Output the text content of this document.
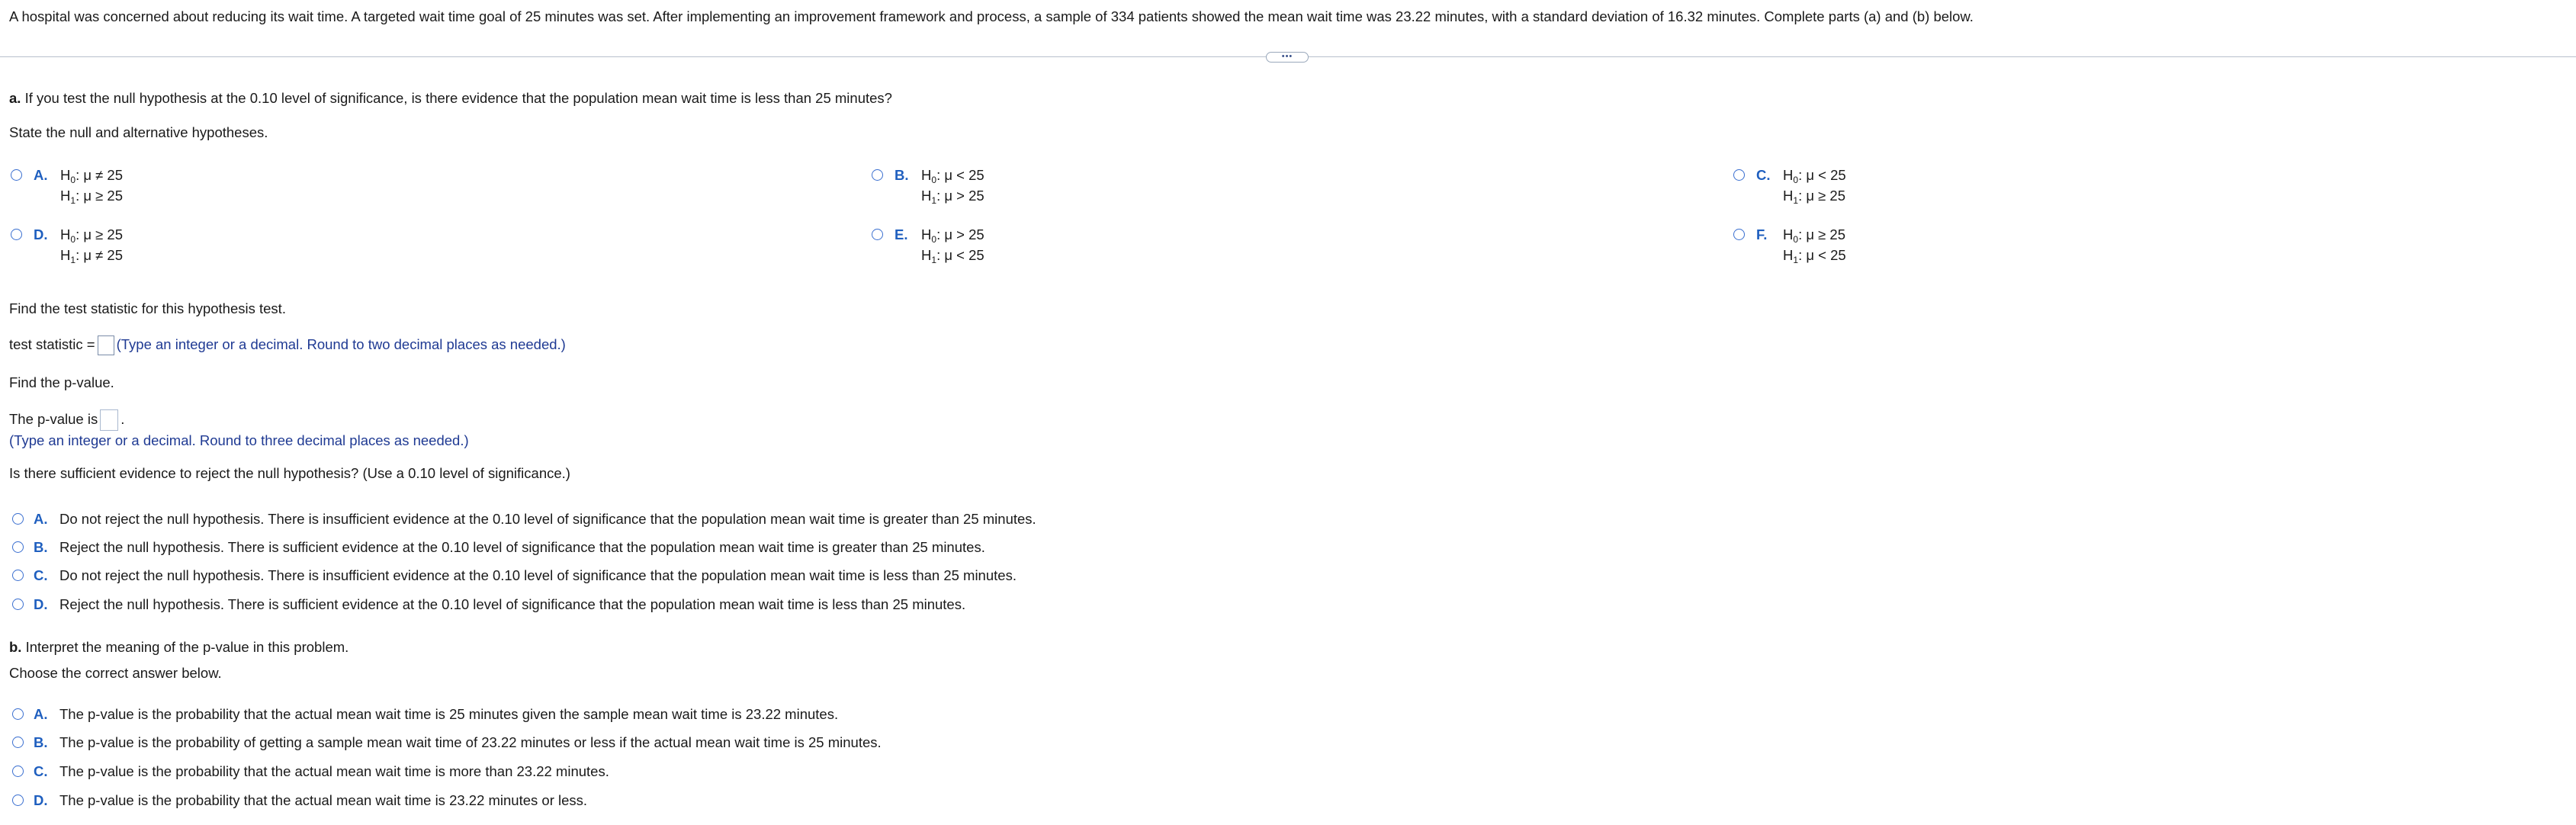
A hospital was concerned about reducing its wait time. A targeted wait time goal of 25 minutes was set. After implementing an improvement framework and process, a sample of 334 patients showed the mean wait time was 23.22 minutes, with a standard deviation of 16.32 minutes. Complete parts (a) and (b) below.
•••
a. If you test the null hypothesis at the 0.10 level of significance, is there evidence that the population mean wait time is less than 25 minutes?
State the null and alternative hypotheses.
A. $H_0$: μ ≠ 25
$H_1$: μ ≥ 25
B. $H_0$: μ < 25
$H_1$: μ > 25
C. $H_0$: μ < 25
$H_1$: μ ≥ 25
D. $H_0$: μ ≥ 25
$H_1$: μ ≠ 25
E. $H_0$: μ > 25
$H_1$: μ < 25
F. $H_0$: μ ≥ 25
$H_1$: μ < 25
Find the test statistic for this hypothesis test.
test statistic = (Type an integer or a decimal. Round to two decimal places as needed.)
Find the p-value.
The p-value is .
(Type an integer or a decimal. Round to three decimal places as needed.)
Is there sufficient evidence to reject the null hypothesis? (Use a 0.10 level of significance.)
A. Do not reject the null hypothesis. There is insufficient evidence at the 0.10 level of significance that the population mean wait time is greater than 25 minutes.
B. Reject the null hypothesis. There is sufficient evidence at the 0.10 level of significance that the population mean wait time is greater than 25 minutes.
C. Do not reject the null hypothesis. There is insufficient evidence at the 0.10 level of significance that the population mean wait time is less than 25 minutes.
D. Reject the null hypothesis. There is sufficient evidence at the 0.10 level of significance that the population mean wait time is less than 25 minutes.
b. Interpret the meaning of the p-value in this problem.
Choose the correct answer below.
A. The p-value is the probability that the actual mean wait time is 25 minutes given the sample mean wait time is 23.22 minutes.
B. The p-value is the probability of getting a sample mean wait time of 23.22 minutes or less if the actual mean wait time is 25 minutes.
C. The p-value is the probability that the actual mean wait time is more than 23.22 minutes.
D. The p-value is the probability that the actual mean wait time is 23.22 minutes or less.
